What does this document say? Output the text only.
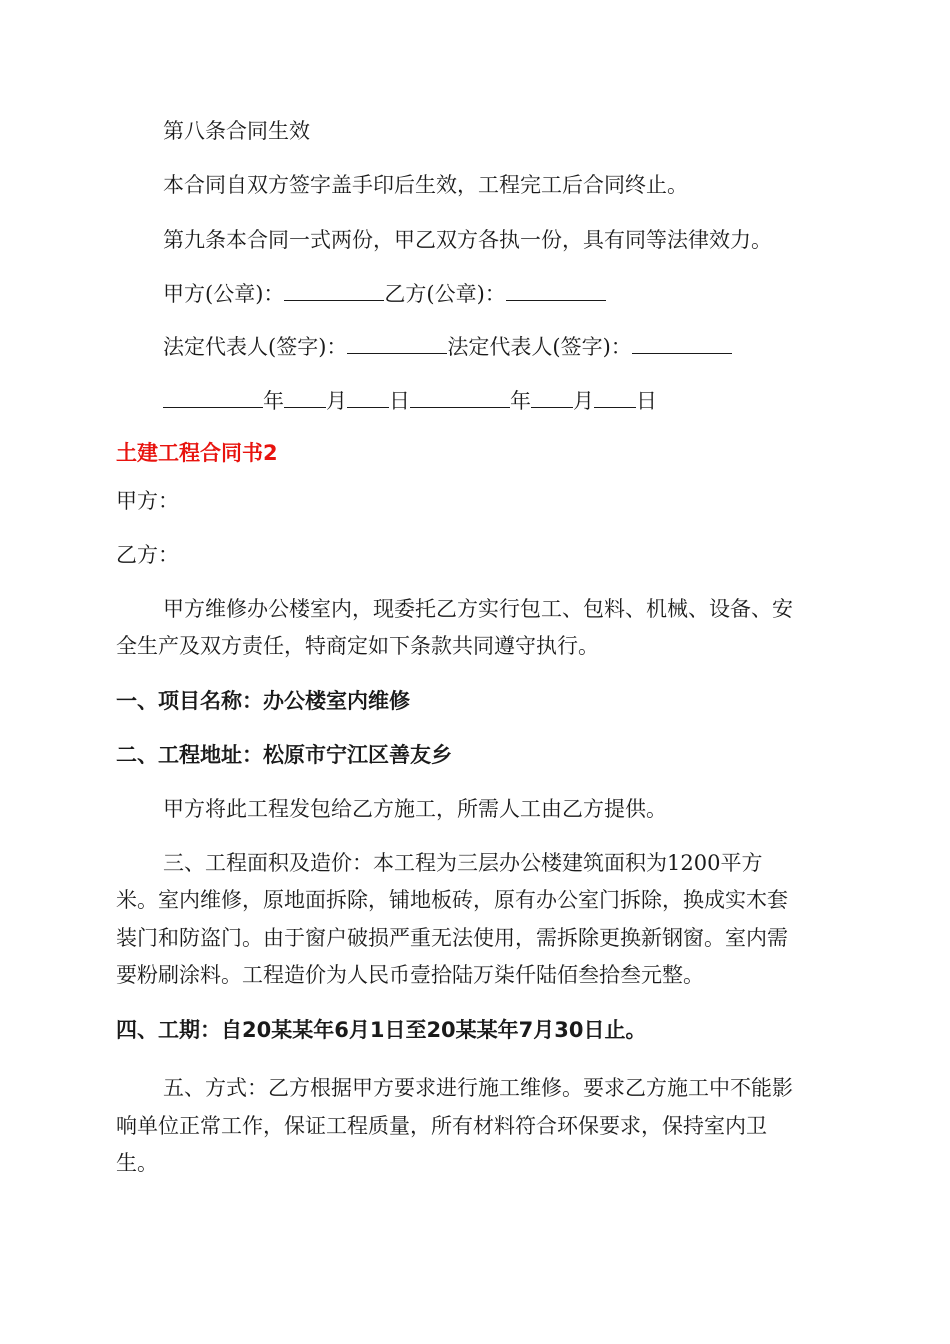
第八条合同生效
本合同自双方签字盖手印后生效，工程完工后合同终止。
第九条本合同一式两份，甲乙双方各执一份，具有同等法律效力。
甲方(公章)：	乙方(公章)：
法定代表人(签字)：	法定代表人(签字)：
年 月 日	年 月 日
土建工程合同书2
甲方：
乙方：
甲方维修办公楼室内，现委托乙方实行包工、包料、机械、设备、安
全生产及双方责任，特商定如下条款共同遵守执行。
一、项目名称：办公楼室内维修
二、工程地址：松原市宁江区善友乡
甲方将此工程发包给乙方施工，所需人工由乙方提供。
三、工程面积及造价：本工程为三层办公楼建筑面积为1200平方
米。室内维修，原地面拆除，铺地板砖，原有办公室门拆除，换成实木套
装门和防盗门。由于窗户破损严重无法使用，需拆除更换新钢窗。室内需
要粉刷涂料。工程造价为人民币壹拾陆万柒仟陆佰叁拾叁元整。
四、工期：自20某某年6月1日至20某某年7月30日止。
五、方式：乙方根据甲方要求进行施工维修。要求乙方施工中不能影
响单位正常工作，保证工程质量，所有材料符合环保要求，保持室内卫
生。
